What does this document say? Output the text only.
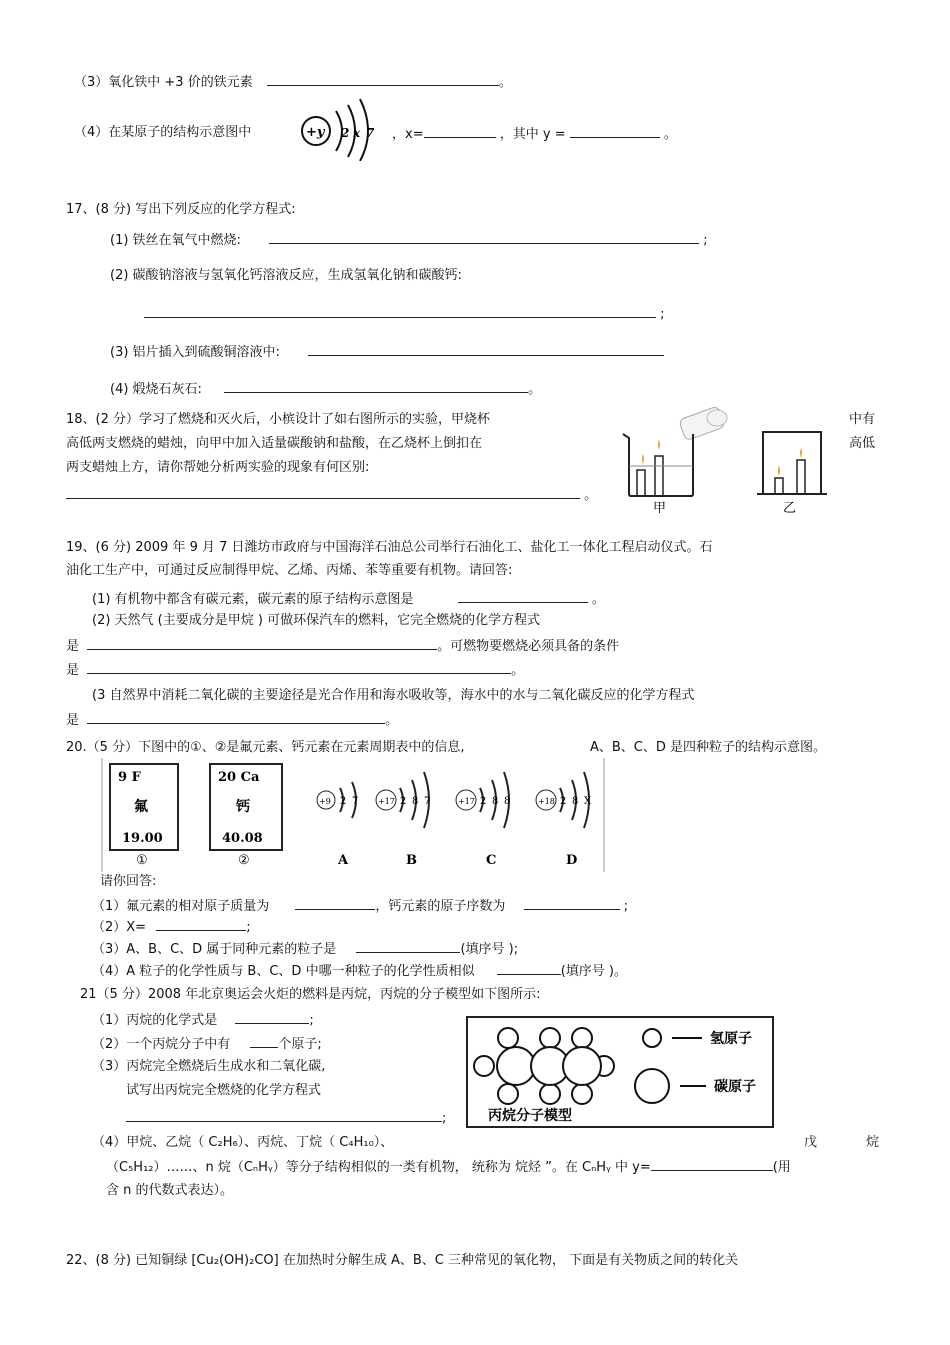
（3）氧化铁中 +3 价的铁元素	。
（4）在某原子的结构示意图中	+y 2 x 7 ，x=	，其中 y =	。
17、(8 分) 写出下列反应的化学方程式:
(1) 铁丝在氧气中燃烧:	;
(2) 碳酸钠溶液与氢氧化钙溶液反应，生成氢氧化钠和碳酸钙:
;
(3) 铝片插入到硫酸铜溶液中:
(4) 煅烧石灰石:	。
18、(2 分）学习了燃烧和灭火后，小槟设计了如右图所示的实验，甲烧杯	中有
高低两支燃烧的蜡烛，向甲中加入适量碳酸钠和盐酸，在乙烧杯上倒扣在	高低
两支蜡烛上方，请你帮她分析两实验的现象有何区别:
。
甲	乙
19、(6 分) 2009 年 9 月 7 日潍坊市政府与中国海洋石油总公司举行石油化工、盐化工一体化工程启动仪式。石
油化工生产中，可通过反应制得甲烷、乙烯、丙烯、苯等重要有机物。请回答:
(1) 有机物中都含有碳元素，碳元素的原子结构示意图是	。
(2) 天然气 (主要成分是甲烷 ) 可做环保汽车的燃料，它完全燃烧的化学方程式
是	。可燃物要燃烧必须具备的条件
是	。
(3 自然界中消耗二氧化碳的主要途径是光合作用和海水吸收等，海水中的水与二氧化碳反应的化学方程式
是	。
20.（5 分）下图中的①、②是氟元素、钙元素在元素周期表中的信息,	A、B、C、D 是四种粒子的结构示意图。
9 F
氟
19.00
①
20 Ca
钙
40.08
②
+9 2 7
A
+17 2 8 7
B
+17 2 8 8
C
+18 2 8 X
D
请你回答:
（1）氟元素的相对原子质量为	，钙元素的原子序数为	;
（2）X=	;
（3）A、B、C、D 属于同种元素的粒子是	(填序号 );
（4）A 粒子的化学性质与 B、C、D 中哪一种粒子的化学性质相似	(填序号 )。
21（5 分）2008 年北京奥运会火炬的燃料是丙烷，丙烷的分子模型如下图所示:
（1）丙烷的化学式是	;
（2）一个丙烷分子中有	个原子;
（3）丙烷完全燃烧后生成水和二氧化碳,
试写出丙烷完全燃烧的化学方程式
;	丙烷分子模型
氢原子
碳原子
（4）甲烷、乙烷（ C₂H₆）、丙烷、丁烷（ C₄H₁₀）、	戊	烷
（C₅H₁₂）……、n 烷（CₙHᵧ）等分子结构相似的一类有机物， 统称为 烷烃 ”。在 CₙHᵧ 中 y=	(用
含 n 的代数式表达）。
22、(8 分) 已知铜绿 [Cu₂(OH)₂CO] 在加热时分解生成 A、B、C 三种常见的氧化物， 下面是有关物质之间的转化关
